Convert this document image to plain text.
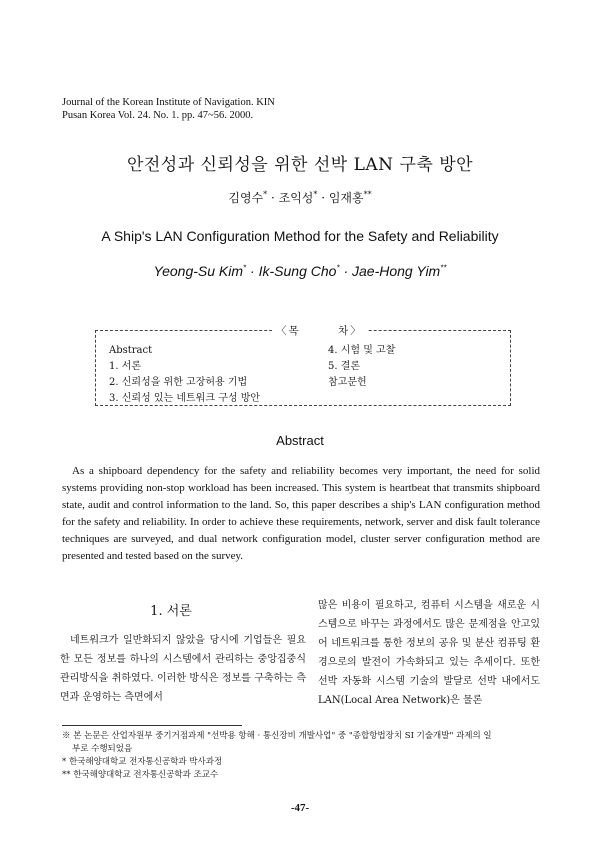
Journal of the Korean Institute of Navigation. KIN
Pusan Korea Vol. 24. No. 1. pp. 47~56. 2000.
안전성과 신뢰성을 위한 선박 LAN 구축 방안
김영수* · 조익성* · 임재홍**
A Ship's LAN Configuration Method for the Safety and Reliability
Yeong-Su Kim* · Ik-Sung Cho* · Jae-Hong Yim**
〈목　　　차〉
Abstract
1. 서론
2. 신뢰성을 위한 고장허용 기법
3. 신뢰성 있는 네트워크 구성 방안
4. 시험 및 고찰
5. 결론
참고문헌
Abstract
As a shipboard dependency for the safety and reliability becomes very important, the need for solid systems providing non-stop workload has been increased. This system is heartbeat that transmits shipboard state, audit and control information to the land. So, this paper describes a ship's LAN configuration method for the safety and reliability. In order to achieve these requirements, network, server and disk fault tolerance techniques are surveyed, and dual network configuration model, cluster server configuration method are presented and tested based on the survey.
1. 서론
네트워크가 일반화되지 않았을 당시에 기업들은 필요한 모든 정보를 하나의 시스템에서 관리하는 중앙집중식 관리방식을 취하였다. 이러한 방식은 정보를 구축하는 측면과 운영하는 측면에서
많은 비용이 필요하고, 컴퓨터 시스템을 새로운 시스템으로 바꾸는 과정에서도 많은 문제점을 안고있어 네트워크를 통한 정보의 공유 및 분산 컴퓨팅 환경으로의 발전이 가속화되고 있는 추세이다. 또한 선박 자동화 시스템 기술의 발달로 선박 내에서도 LAN(Local Area Network)은 물론
※ 본 논문은 산업자원부 중기거점과제 "선박용 항해 · 통신장비 개발사업" 중 "종합항법장치 SI 기술개발" 과제의 일
부로 수행되었음
* 한국해양대학교 전자통신공학과 박사과정
** 한국해양대학교 전자통신공학과 조교수
-47-
